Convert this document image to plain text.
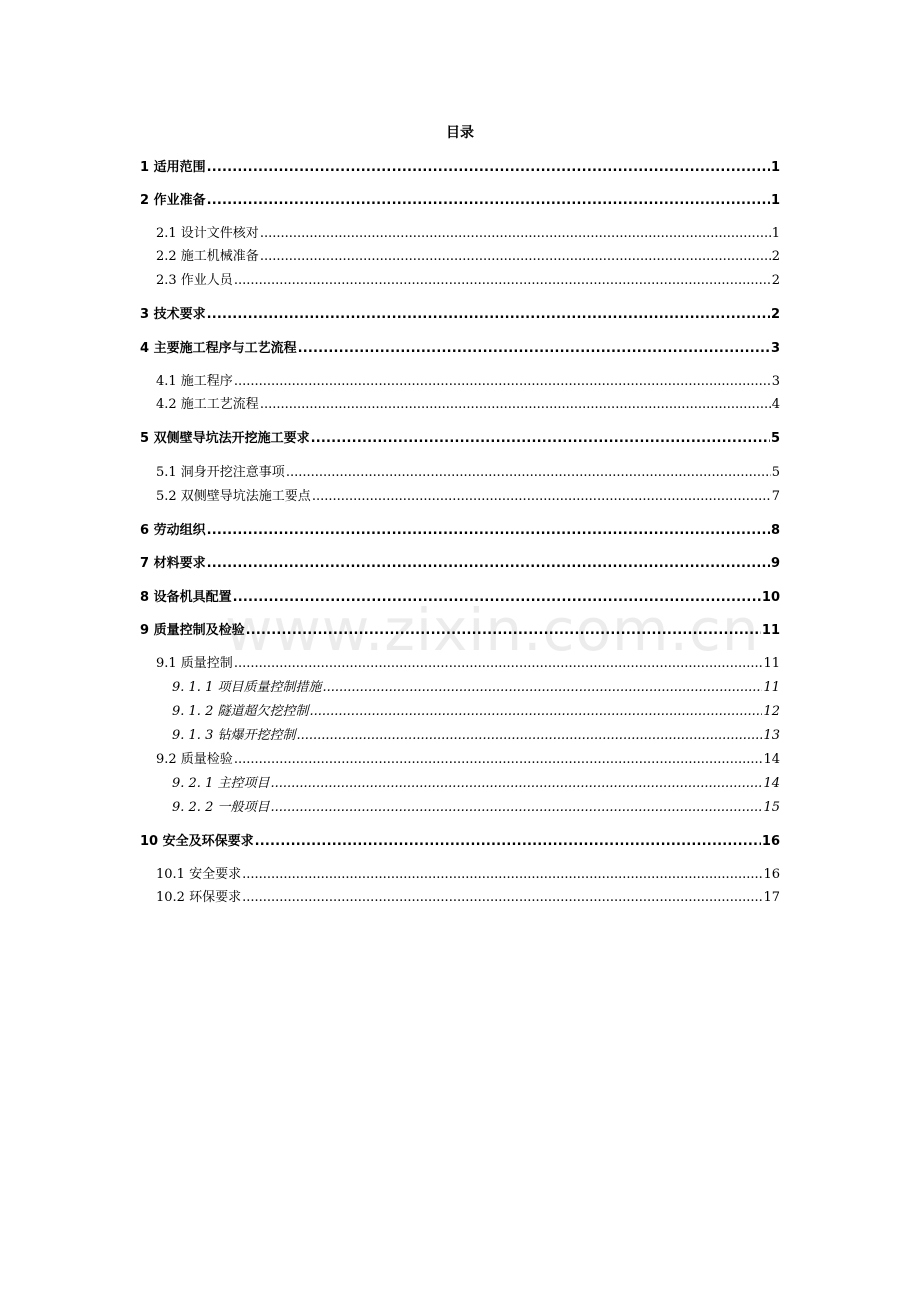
www.zixin.com.cn
目录
1 适用范围 .....	1
2 作业准备 .....	1
2.1 设计文件核对 .....	1
2.2 施工机械准备 .....	2
2.3 作业人员 .....	2
3 技术要求 .....	2
4 主要施工程序与工艺流程 .....	3
4.1 施工程序 .....	3
4.2 施工工艺流程 .....	4
5 双侧壁导坑法开挖施工要求 .....	5
5.1 洞身开挖注意事项 .....	5
5.2 双侧壁导坑法施工要点 .....	7
6 劳动组织 .....	8
7 材料要求 .....	9
8 设备机具配置 .....	10
9 质量控制及检验 .....	11
9.1 质量控制 .....	11
9. 1. 1 项目质量控制措施 .....	11
9. 1. 2 隧道超欠挖控制 .....	12
9. 1. 3 钻爆开挖控制 .....	13
9.2 质量检验 .....	14
9. 2. 1 主控项目 .....	14
9. 2. 2 一般项目 .....	15
10 安全及环保要求 .....	16
10.1 安全要求 .....	16
10.2 环保要求 .....	17
